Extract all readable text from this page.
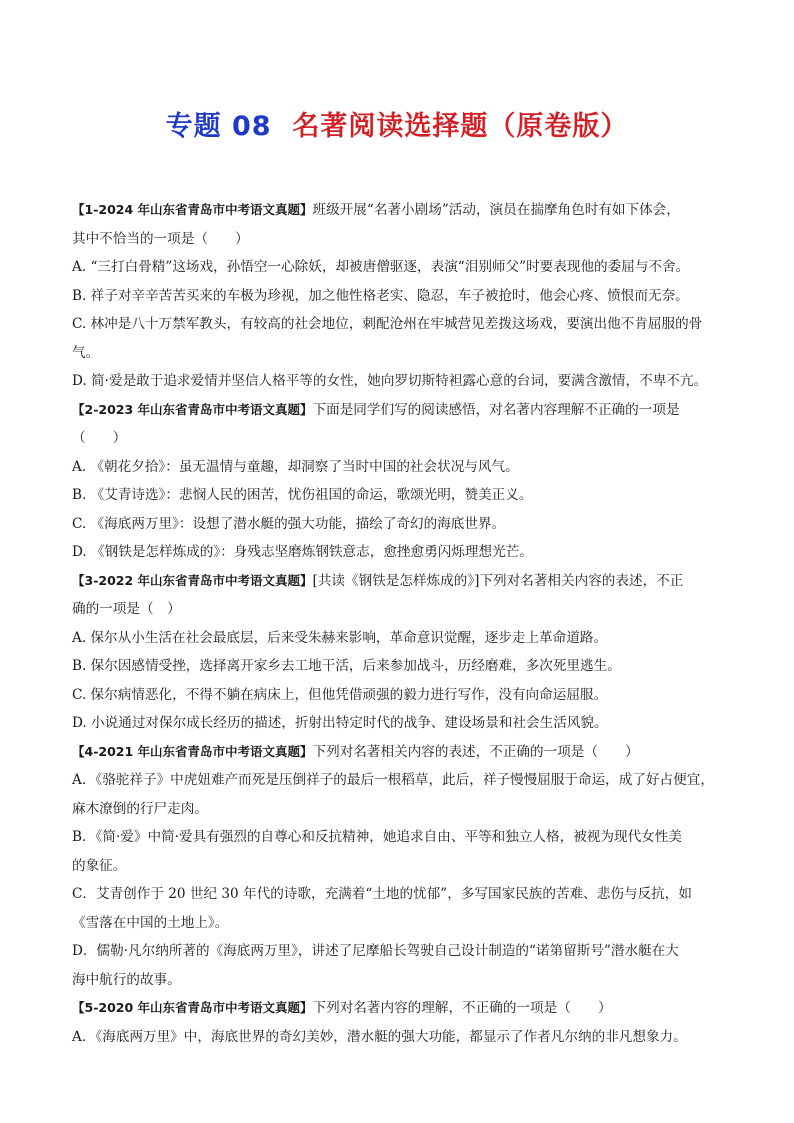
专题 08 名著阅读选择题（原卷版）
【1-2024 年山东省青岛市中考语文真题】班级开展“名著小剧场”活动，演员在揣摩角色时有如下体会，
其中不恰当的一项是（　　）
A. “三打白骨精”这场戏，孙悟空一心除妖，却被唐僧驱逐，表演“泪别师父”时要表现他的委屈与不舍。
B. 祥子对辛辛苦苦买来的车极为珍视，加之他性格老实、隐忍，车子被抢时，他会心疼、愤恨而无奈。
C. 林冲是八十万禁军教头，有较高的社会地位，刺配沧州在牢城营见差拨这场戏，要演出他不肯屈服的骨
气。
D. 简·爱是敢于追求爱情并坚信人格平等的女性，她向罗切斯特袒露心意的台词，要满含激情，不卑不亢。
【2-2023 年山东省青岛市中考语文真题】下面是同学们写的阅读感悟，对名著内容理解不正确的一项是
（　　）
A. 《朝花夕拾》：虽无温情与童趣，却洞察了当时中国的社会状况与风气。
B. 《艾青诗选》：悲悯人民的困苦，忧伤祖国的命运，歌颂光明，赞美正义。
C. 《海底两万里》：设想了潜水艇的强大功能，描绘了奇幻的海底世界。
D. 《钢铁是怎样炼成的》：身残志坚磨炼钢铁意志，愈挫愈勇闪烁理想光芒。
【3-2022 年山东省青岛市中考语文真题】[共读《钢铁是怎样炼成的》]下列对名著相关内容的表述，不正
确的一项是（　）
A. 保尔从小生活在社会最底层，后来受朱赫来影响，革命意识觉醒，逐步走上革命道路。
B. 保尔因感情受挫，选择离开家乡去工地干活，后来参加战斗，历经磨难，多次死里逃生。
C. 保尔病情恶化，不得不躺在病床上，但他凭借顽强的毅力进行写作，没有向命运屈服。
D. 小说通过对保尔成长经历的描述，折射出特定时代的战争、建设场景和社会生活风貌。
【4-2021 年山东省青岛市中考语文真题】下列对名著相关内容的表述，不正确的一项是（　　）
A．《骆驼祥子》中虎妞难产而死是压倒祥子的最后一根稻草，此后，祥子慢慢屈服于命运，成了好占便宜，
麻木潦倒的行尸走肉。
B．《简·爱》中简·爱具有强烈的自尊心和反抗精神，她追求自由、平等和独立人格，被视为现代女性美
的象征。
C．艾青创作于 20 世纪 30 年代的诗歌，充满着“土地的忧郁”，多写国家民族的苦难、悲伤与反抗，如
《雪落在中国的土地上》。
D．儒勒·凡尔纳所著的《海底两万里》，讲述了尼摩船长驾驶自己设计制造的“诺第留斯号”潜水艇在大
海中航行的故事。
【5-2020 年山东省青岛市中考语文真题】下列对名著内容的理解，不正确的一项是（　　）
A．《海底两万里》中，海底世界的奇幻美妙，潜水艇的强大功能，都显示了作者凡尔纳的非凡想象力。
